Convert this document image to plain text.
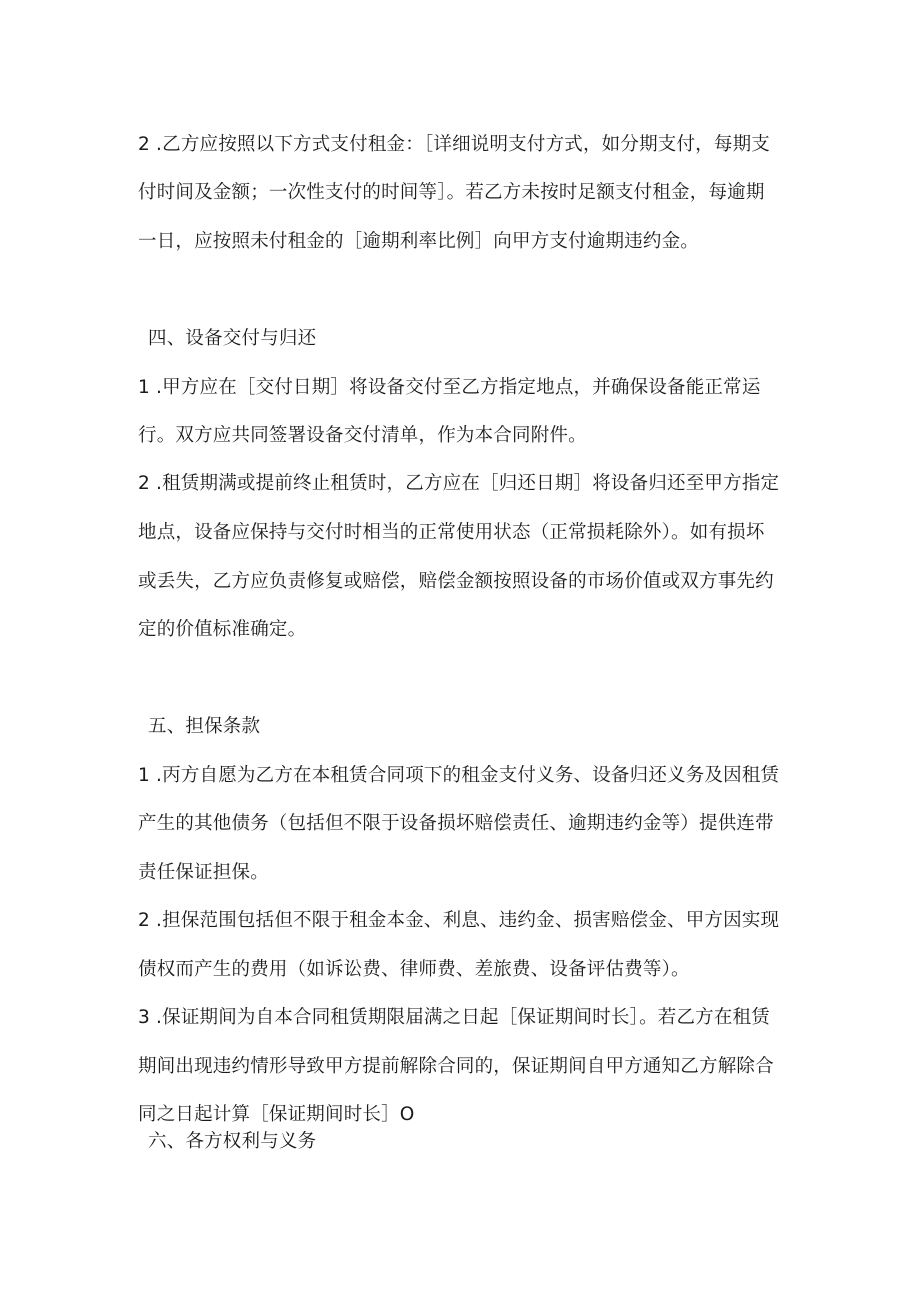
2 .乙方应按照以下方式支付租金：［详细说明支付方式，如分期支付，每期支
付时间及金额；一次性支付的时间等］。若乙方未按时足额支付租金，每逾期
一日，应按照未付租金的［逾期利率比例］向甲方支付逾期违约金。
四、设备交付与归还
1 .甲方应在［交付日期］将设备交付至乙方指定地点，并确保设备能正常运
行。双方应共同签署设备交付清单，作为本合同附件。
2 .租赁期满或提前终止租赁时，乙方应在［归还日期］将设备归还至甲方指定
地点，设备应保持与交付时相当的正常使用状态（正常损耗除外）。如有损坏
或丢失，乙方应负责修复或赔偿，赔偿金额按照设备的市场价值或双方事先约
定的价值标准确定。
五、担保条款
1 .丙方自愿为乙方在本租赁合同项下的租金支付义务、设备归还义务及因租赁
产生的其他债务（包括但不限于设备损坏赔偿责任、逾期违约金等）提供连带
责任保证担保。
2 .担保范围包括但不限于租金本金、利息、违约金、损害赔偿金、甲方因实现
债权而产生的费用（如诉讼费、律师费、差旅费、设备评估费等）。
3 .保证期间为自本合同租赁期限届满之日起［保证期间时长］。若乙方在租赁
期间出现违约情形导致甲方提前解除合同的，保证期间自甲方通知乙方解除合
同之日起计算［保证期间时长］O
六、各方权利与义务
